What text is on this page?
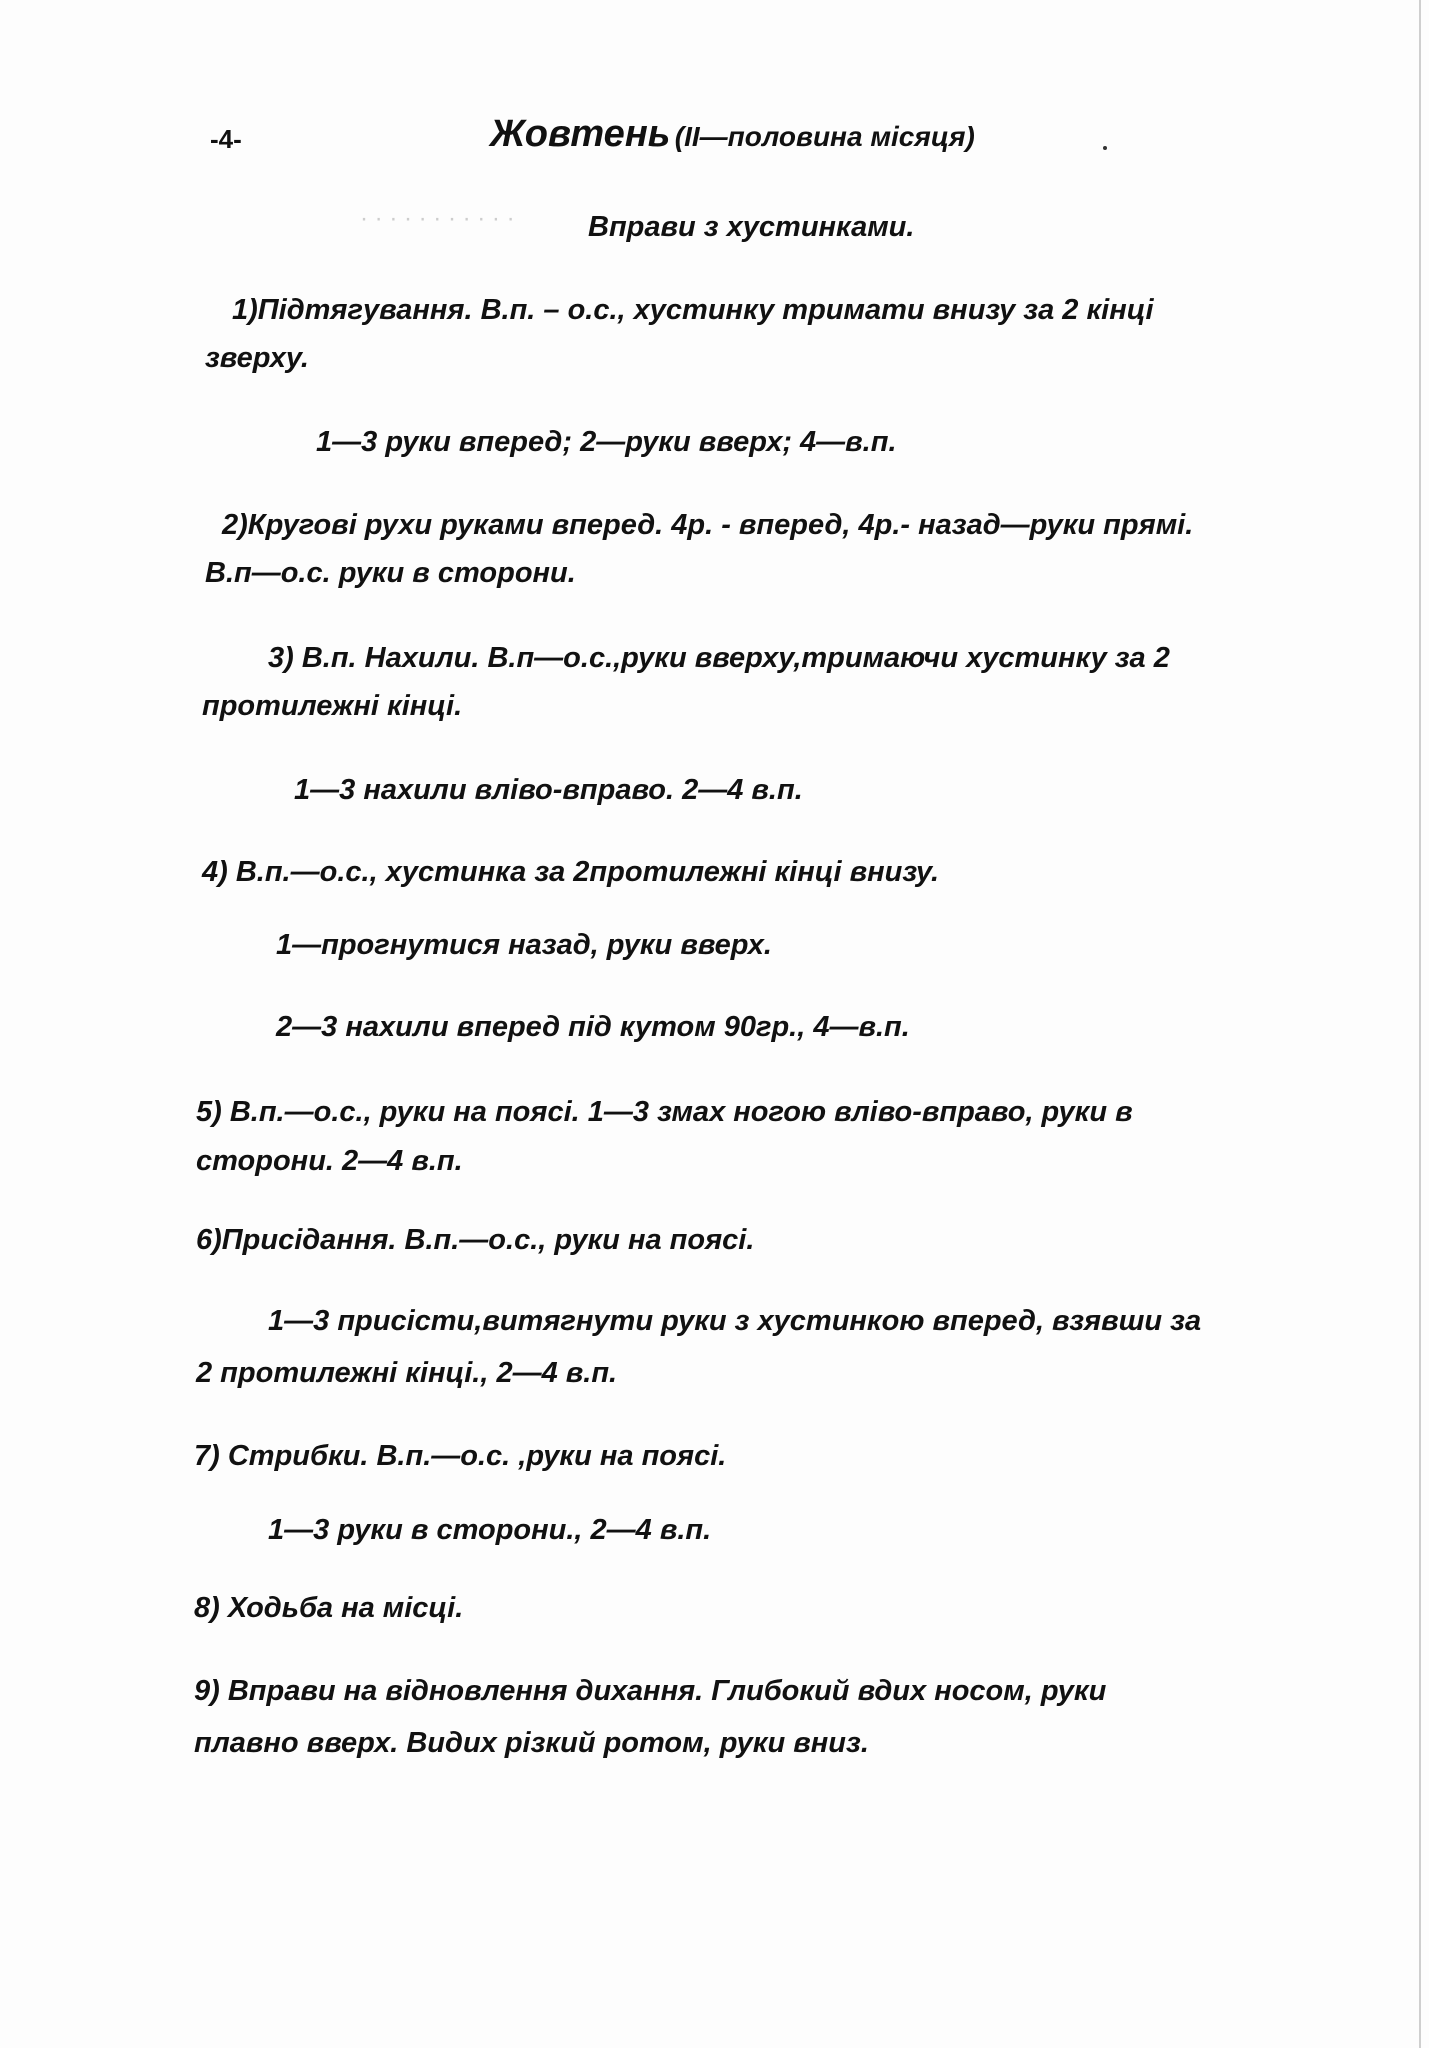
· · · · · · · · · · ·
-4-	Жовтень (ІІ—половина місяця)
Вправи з хустинками.
1)Підтягування. В.п. – о.с., хустинку тримати внизу за 2 кінці
зверху.
1—3 руки вперед; 2—руки вверх; 4—в.п.
2)Кругові рухи руками вперед. 4р. - вперед, 4р.- назад—руки прямі.
В.п—о.с. руки в сторони.
3) В.п. Нахили. В.п—о.с.,руки вверху,тримаючи хустинку за 2
протилежні кінці.
1—3 нахили вліво-вправо. 2—4 в.п.
4) В.п.—о.с., хустинка за 2протилежні кінці внизу.
1—прогнутися назад, руки вверх.
2—3 нахили вперед під кутом 90гр., 4—в.п.
5) В.п.—о.с., руки на поясі. 1—3 змах ногою вліво-вправо, руки в
сторони. 2—4 в.п.
6)Присідання. В.п.—о.с., руки на поясі.
1—3 присісти,витягнути руки з хустинкою вперед, взявши за
2 протилежні кінці., 2—4 в.п.
7) Стрибки. В.п.—о.с. ,руки на поясі.
1—3 руки в сторони., 2—4 в.п.
8) Ходьба на місці.
9) Вправи на відновлення дихання. Глибокий вдих носом, руки
плавно вверх. Видих різкий ротом, руки вниз.
